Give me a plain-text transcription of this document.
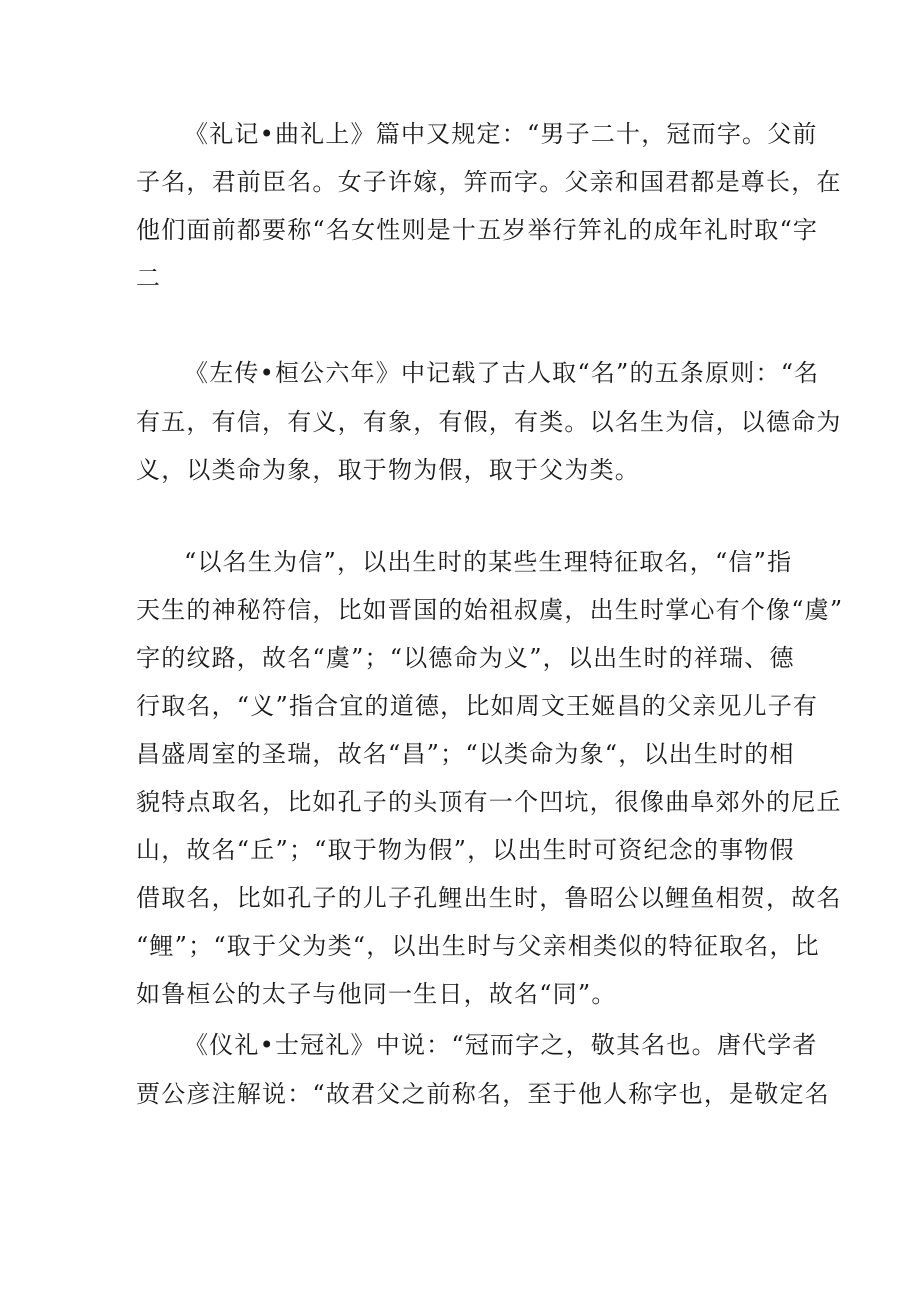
《礼记•曲礼上》篇中又规定：“男子二十，冠而字。父前
子名，君前臣名。女子许嫁，笄而字。父亲和国君都是尊长，在
他们面前都要称“名女性则是十五岁举行笄礼的成年礼时取“字
二
《左传•桓公六年》中记载了古人取“名”的五条原则：“名
有五，有信，有义，有象，有假，有类。以名生为信，以德命为
义，以类命为象，取于物为假，取于父为类。
“以名生为信”，以出生时的某些生理特征取名，“信”指
天生的神秘符信，比如晋国的始祖叔虞，出生时掌心有个像“虞”
字的纹路，故名“虞”；“以德命为义”，以出生时的祥瑞、德
行取名，“义”指合宜的道德，比如周文王姬昌的父亲见儿子有
昌盛周室的圣瑞，故名“昌”；“以类命为象“，以出生时的相
貌特点取名，比如孔子的头顶有一个凹坑，很像曲阜郊外的尼丘
山，故名“丘”；“取于物为假”，以出生时可资纪念的事物假
借取名，比如孔子的儿子孔鲤出生时，鲁昭公以鲤鱼相贺，故名
“鲤”；“取于父为类“，以出生时与父亲相类似的特征取名，比
如鲁桓公的太子与他同一生日，故名“同”。
《仪礼•士冠礼》中说：“冠而字之，敬其名也。唐代学者
贾公彦注解说：“故君父之前称名，至于他人称字也，是敬定名
